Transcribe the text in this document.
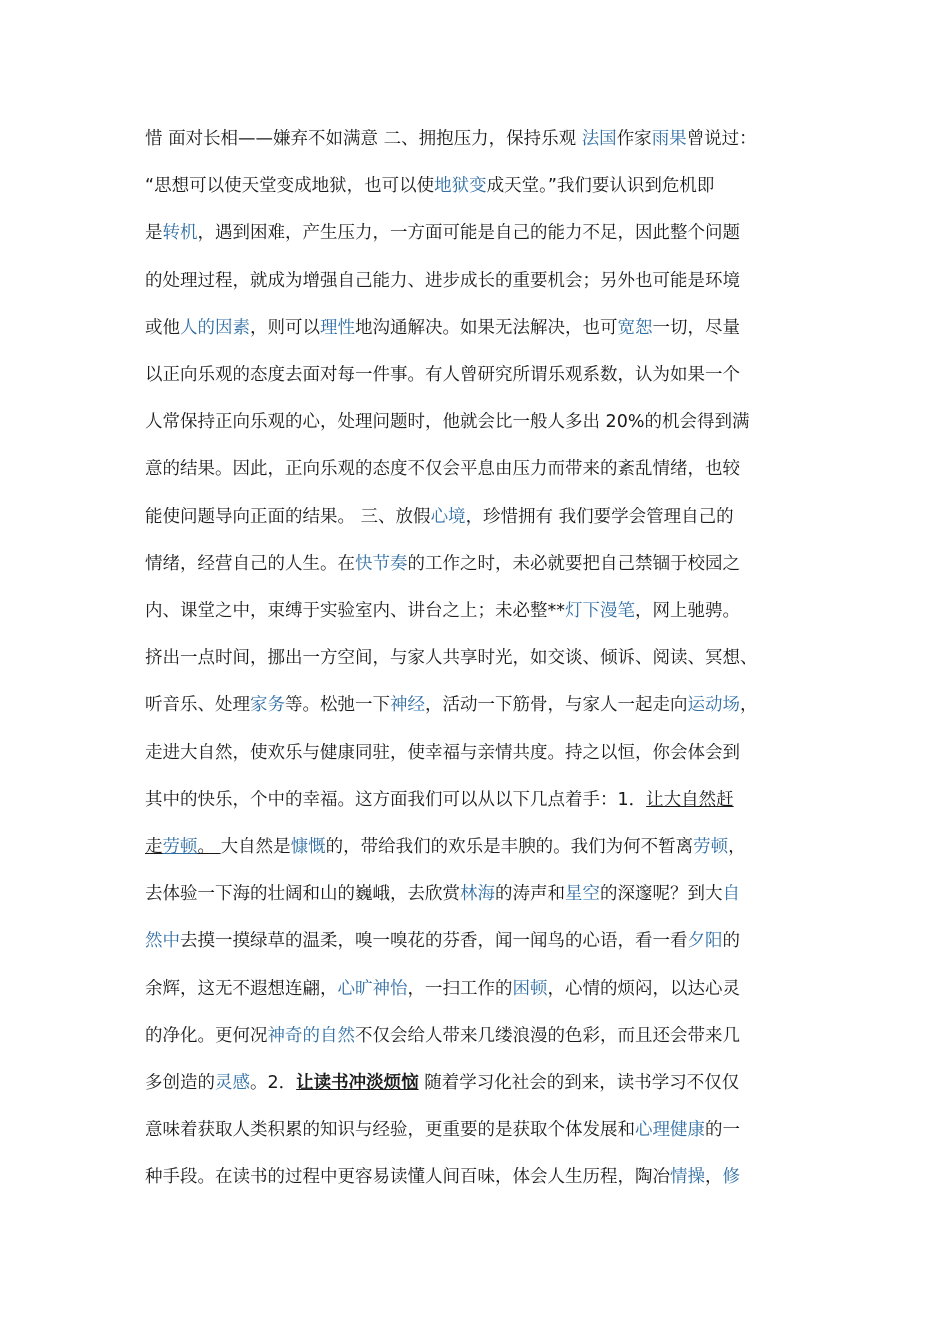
惜 面对长相——嫌弃不如满意 二、拥抱压力，保持乐观 法国作家雨果曾说过：
“思想可以使天堂变成地狱，也可以使地狱变成天堂。”我们要认识到危机即
是转机，遇到困难，产生压力，一方面可能是自己的能力不足，因此整个问题
的处理过程，就成为增强自己能力、进步成长的重要机会；另外也可能是环境
或他人的因素，则可以理性地沟通解决。如果无法解决，也可宽恕一切，尽量
以正向乐观的态度去面对每一件事。有人曾研究所谓乐观系数，认为如果一个
人常保持正向乐观的心，处理问题时，他就会比一般人多出 20%的机会得到满
意的结果。因此，正向乐观的态度不仅会平息由压力而带来的紊乱情绪，也较
能使问题导向正面的结果。 三、放假心境，珍惜拥有 我们要学会管理自己的
情绪，经营自己的人生。在快节奏的工作之时，未必就要把自己禁锢于校园之
内、课堂之中，束缚于实验室内、讲台之上；未必整**灯下漫笔，网上驰骋。
挤出一点时间，挪出一方空间，与家人共享时光，如交谈、倾诉、阅读、冥想、
听音乐、处理家务等。松弛一下神经，活动一下筋骨，与家人一起走向运动场，
走进大自然，使欢乐与健康同驻，使幸福与亲情共度。持之以恒，你会体会到
其中的快乐，个中的幸福。这方面我们可以从以下几点着手：1．让大自然赶
走劳顿。 大自然是慷慨的，带给我们的欢乐是丰腴的。我们为何不暂离劳顿，
去体验一下海的壮阔和山的巍峨，去欣赏林海的涛声和星空的深邃呢？到大自
然中去摸一摸绿草的温柔，嗅一嗅花的芬香，闻一闻鸟的心语，看一看夕阳的
余辉，这无不遐想连翩，心旷神怡，一扫工作的困顿，心情的烦闷，以达心灵
的净化。更何况神奇的自然不仅会给人带来几缕浪漫的色彩，而且还会带来几
多创造的灵感。2．让读书冲淡烦恼 随着学习化社会的到来，读书学习不仅仅
意味着获取人类积累的知识与经验，更重要的是获取个体发展和心理健康的一
种手段。在读书的过程中更容易读懂人间百味，体会人生历程，陶冶情操，修
